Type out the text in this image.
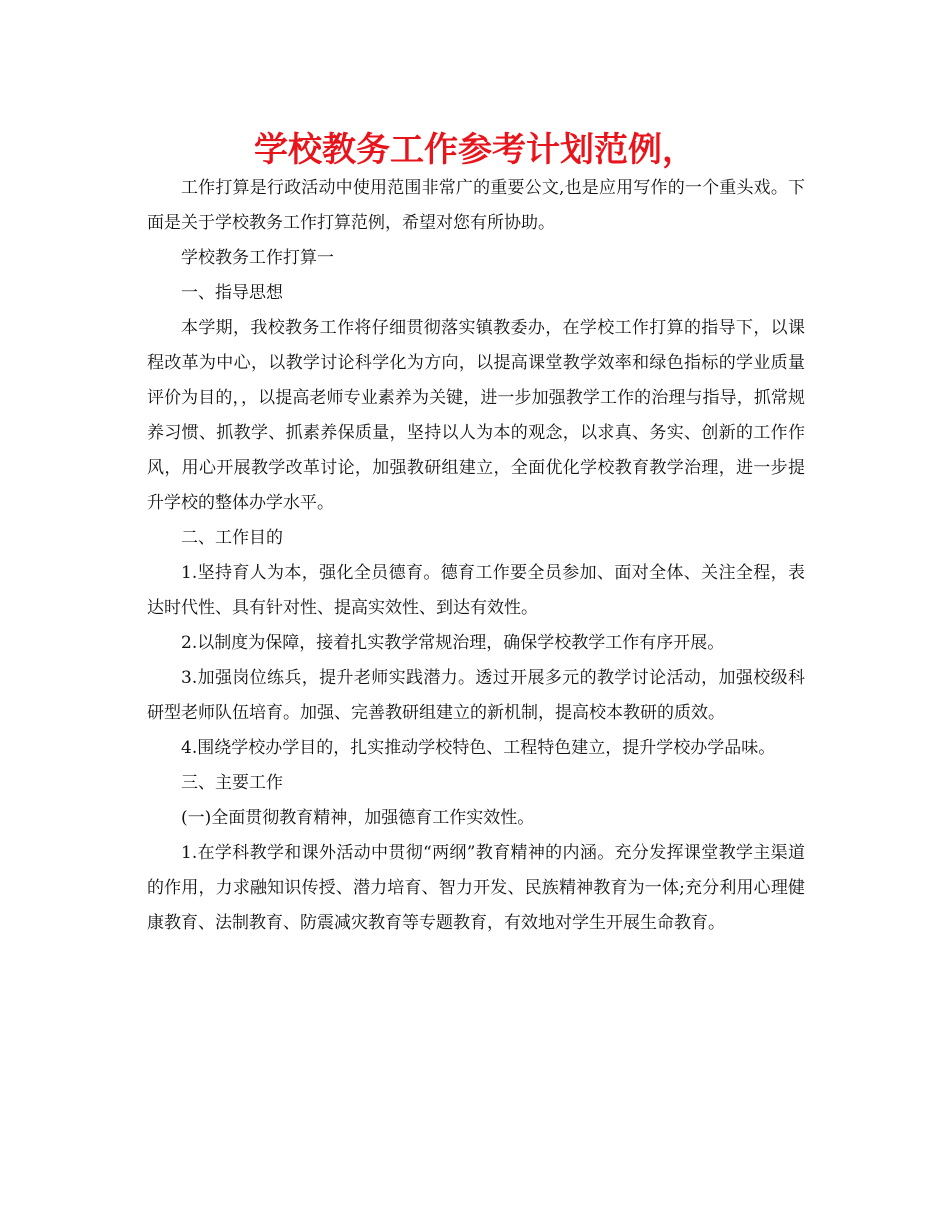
学校教务工作参考计划范例，

工作打算是行政活动中使用范围非常广的重要公文,也是应用写作的一个重头戏。下面是关于学校教务工作打算范例，希望对您有所协助。

学校教务工作打算一

一、指导思想

本学期，我校教务工作将仔细贯彻落实镇教委办，在学校工作打算的指导下，以课程改革为中心，以教学讨论科学化为方向，以提高课堂教学效率和绿色指标的学业质量评价为目的，，以提高老师专业素养为关键，进一步加强教学工作的治理与指导，抓常规养习惯、抓教学、抓素养保质量，坚持以人为本的观念，以求真、务实、创新的工作作风，用心开展教学改革讨论，加强教研组建立，全面优化学校教育教学治理，进一步提升学校的整体办学水平。

二、工作目的

1.坚持育人为本，强化全员德育。德育工作要全员参加、面对全体、关注全程，表达时代性、具有针对性、提高实效性、到达有效性。

2.以制度为保障，接着扎实教学常规治理，确保学校教学工作有序开展。

3.加强岗位练兵，提升老师实践潜力。透过开展多元的教学讨论活动，加强校级科研型老师队伍培育。加强、完善教研组建立的新机制，提高校本教研的质效。

4.围绕学校办学目的，扎实推动学校特色、工程特色建立，提升学校办学品味。

三、主要工作

(一)全面贯彻教育精神，加强德育工作实效性。

1.在学科教学和课外活动中贯彻“两纲”教育精神的内涵。充分发挥课堂教学主渠道的作用，力求融知识传授、潜力培育、智力开发、民族精神教育为一体;充分利用心理健康教育、法制教育、防震减灾教育等专题教育，有效地对学生开展生命教育。
